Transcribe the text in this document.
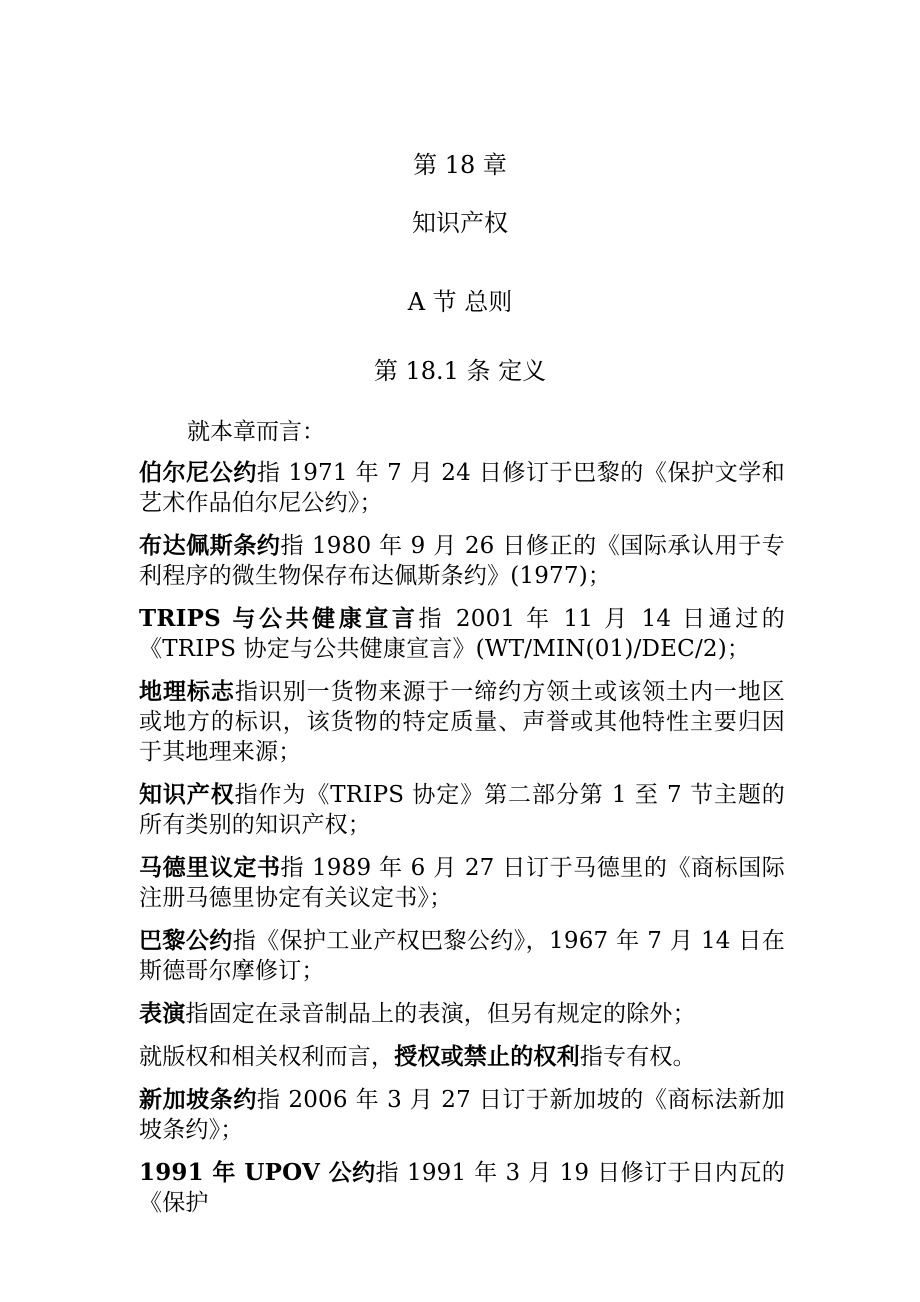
第 18 章
知识产权
A 节 总则
第 18.1 条 定义
就本章而言：

伯尔尼公约指 1971 年 7 月 24 日修订于巴黎的《保护文学和艺术作品伯尔尼公约》；

布达佩斯条约指 1980 年 9 月 26 日修正的《国际承认用于专利程序的微生物保存布达佩斯条约》(1977)；

TRIPS 与公共健康宣言指 2001 年 11 月 14 日通过的《TRIPS 协定与公共健康宣言》(WT/MIN(01)/DEC/2)；

地理标志指识别一货物来源于一缔约方领土或该领土内一地区或地方的标识，该货物的特定质量、声誉或其他特性主要归因于其地理来源；

知识产权指作为《TRIPS 协定》第二部分第 1 至 7 节主题的所有类别的知识产权；

马德里议定书指 1989 年 6 月 27 日订于马德里的《商标国际注册马德里协定有关议定书》；

巴黎公约指《保护工业产权巴黎公约》，1967 年 7 月 14 日在斯德哥尔摩修订；

表演指固定在录音制品上的表演，但另有规定的除外；

就版权和相关权利而言，授权或禁止的权利指专有权。

新加坡条约指 2006 年 3 月 27 日订于新加坡的《商标法新加坡条约》；

1991 年 UPOV 公约指 1991 年 3 月 19 日修订于日内瓦的《保护
